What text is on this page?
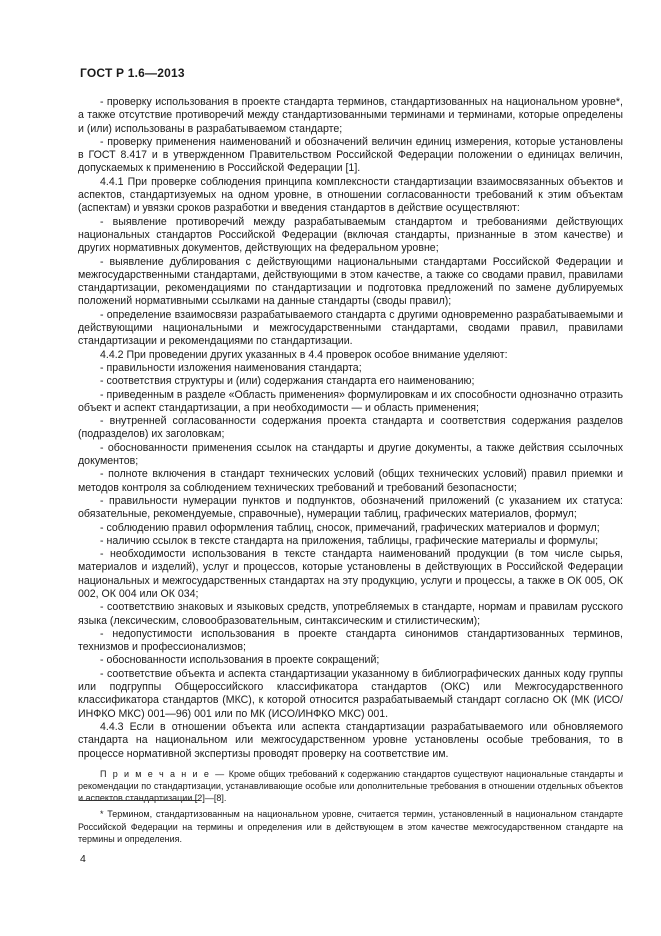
ГОСТ Р 1.6—2013

- проверку использования в проекте стандарта терминов, стандартизованных на национальном уровне*, а также отсутствие противоречий между стандартизованными терминами и терминами, которые определены и (или) использованы в разрабатываемом стандарте;

- проверку применения наименований и обозначений величин единиц измерения, которые установлены в ГОСТ 8.417 и в утвержденном Правительством Российской Федерации положении о единицах величин, допускаемых к применению в Российской Федерации [1].

4.4.1 При проверке соблюдения принципа комплексности стандартизации взаимосвязанных объектов и аспектов, стандартизуемых на одном уровне, в отношении согласованности требований к этим объектам (аспектам) и увязки сроков разработки и введения стандартов в действие осуществляют:

- выявление противоречий между разрабатываемым стандартом и требованиями действующих национальных стандартов Российской Федерации (включая стандарты, признанные в этом качестве) и других нормативных документов, действующих на федеральном уровне;

- выявление дублирования с действующими национальными стандартами Российской Федерации и межгосударственными стандартами, действующими в этом качестве, а также со сводами правил, правилами стандартизации, рекомендациями по стандартизации и подготовка предложений по замене дублируемых положений нормативными ссылками на данные стандарты (своды правил);

- определение взаимосвязи разрабатываемого стандарта с другими одновременно разрабатываемыми и действующими национальными и межгосударственными стандартами, сводами правил, правилами стандартизации и рекомендациями по стандартизации.

4.4.2 При проведении других указанных в 4.4 проверок особое внимание уделяют:

- правильности изложения наименования стандарта;

- соответствия структуры и (или) содержания стандарта его наименованию;

- приведенным в разделе «Область применения» формулировкам и их способности однозначно отразить объект и аспект стандартизации, а при необходимости — и область применения;

- внутренней согласованности содержания проекта стандарта и соответствия содержания разделов (подразделов) их заголовкам;

- обоснованности применения ссылок на стандарты и другие документы, а также действия ссылочных документов;

- полноте включения в стандарт технических условий (общих технических условий) правил приемки и методов контроля за соблюдением технических требований и требований безопасности;

- правильности нумерации пунктов и подпунктов, обозначений приложений (с указанием их статуса: обязательные, рекомендуемые, справочные), нумерации таблиц, графических материалов, формул;

- соблюдению правил оформления таблиц, сносок, примечаний, графических материалов и формул;

- наличию ссылок в тексте стандарта на приложения, таблицы, графические материалы и формулы;

- необходимости использования в тексте стандарта наименований продукции (в том числе сырья, материалов и изделий), услуг и процессов, которые установлены в действующих в Российской Федерации национальных и межгосударственных стандартах на эту продукцию, услуги и процессы, а также в ОК 005, ОК 002, ОК 004 или ОК 034;

- соответствию знаковых и языковых средств, употребляемых в стандарте, нормам и правилам русского языка (лексическим, словообразовательным, синтаксическим и стилистическим);

- недопустимости использования в проекте стандарта синонимов стандартизованных терминов, технизмов и профессионализмов;

- обоснованности использования в проекте сокращений;

- соответствие объекта и аспекта стандартизации указанному в библиографических данных коду группы или подгруппы Общероссийского классификатора стандартов (ОКС) или Межгосударственного классификатора стандартов (МКС), к которой относится разрабатываемый стандарт согласно ОК (МК (ИСО/ИНФКО МКС) 001—96) 001 или по МК (ИСО/ИНФКО МКС) 001.

4.4.3 Если в отношении объекта или аспекта стандартизации разрабатываемого или обновляемого стандарта на национальном или межгосударственном уровне установлены особые требования, то в процессе нормативной экспертизы проводят проверку на соответствие им.

П р и м е ч а н и е — Кроме общих требований к содержанию стандартов существуют национальные стандарты и рекомендации по стандартизации, устанавливающие особые или дополнительные требования в отношении отдельных объектов и аспектов стандартизации [2]—[8].

* Термином, стандартизованным на национальном уровне, считается термин, установленный в национальном стандарте Российской Федерации на термины и определения или в действующем в этом качестве межгосударственном стандарте на термины и определения.

4
